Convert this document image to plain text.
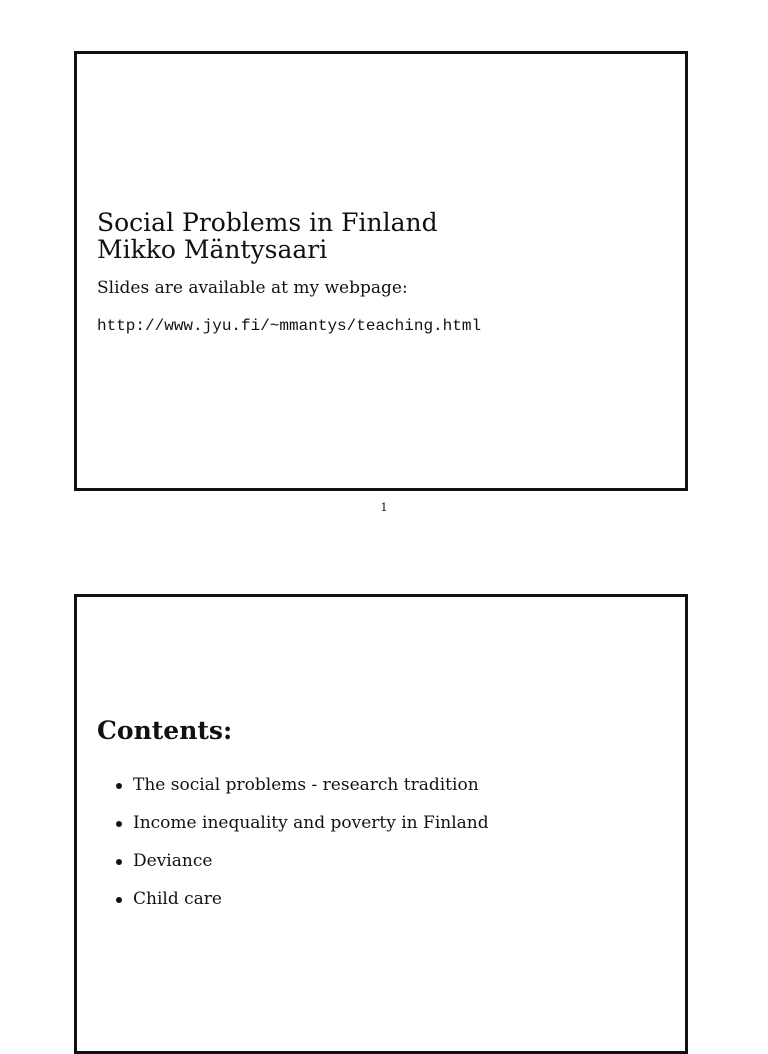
Social Problems in Finland
Mikko Mäntysaari
Slides are available at my webpage:
http://www.jyu.fi/~mmantys/teaching.html
1
Contents:
The social problems - research tradition
Income inequality and poverty in Finland
Deviance
Child care
